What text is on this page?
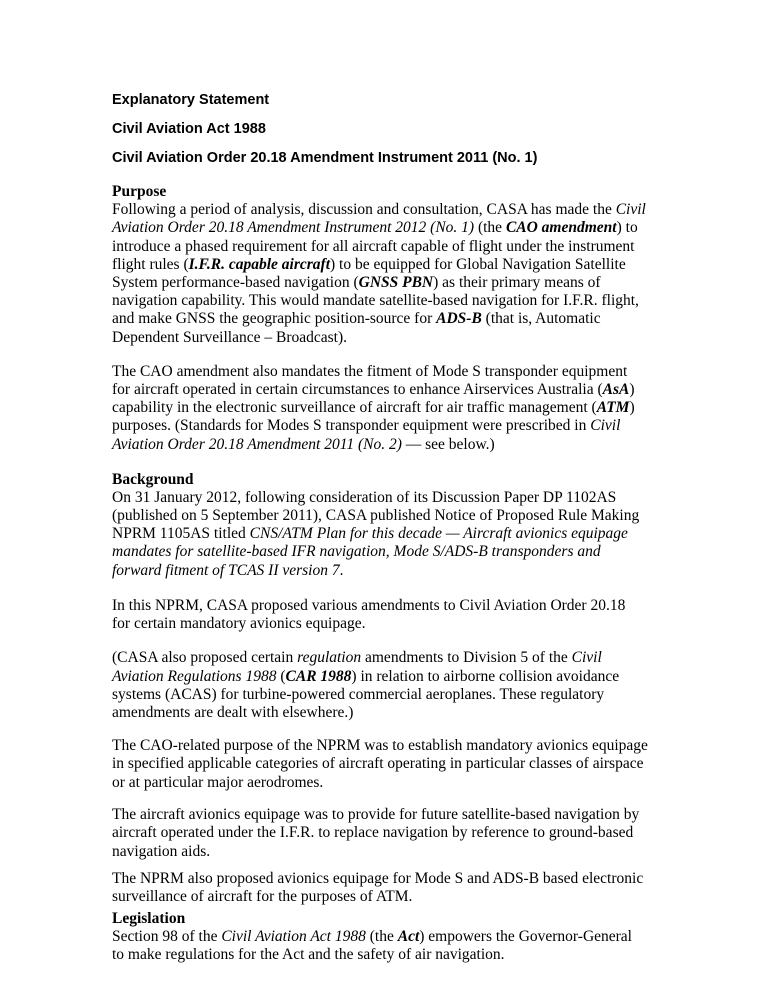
Explanatory Statement
Civil Aviation Act 1988
Civil Aviation Order 20.18 Amendment Instrument 2011 (No. 1)
Purpose
Following a period of analysis, discussion and consultation, CASA has made the Civil
Aviation Order 20.18 Amendment Instrument 2012 (No. 1) (the CAO amendment) to
introduce a phased requirement for all aircraft capable of flight under the instrument
flight rules (I.F.R. capable aircraft) to be equipped for Global Navigation Satellite
System performance-based navigation (GNSS PBN) as their primary means of
navigation capability. This would mandate satellite-based navigation for I.F.R. flight,
and make GNSS the geographic position-source for ADS-B (that is, Automatic
Dependent Surveillance – Broadcast).
The CAO amendment also mandates the fitment of Mode S transponder equipment
for aircraft operated in certain circumstances to enhance Airservices Australia (AsA)
capability in the electronic surveillance of aircraft for air traffic management (ATM)
purposes. (Standards for Modes S transponder equipment were prescribed in Civil
Aviation Order 20.18 Amendment 2011 (No. 2) — see below.)
Background
On 31 January 2012, following consideration of its Discussion Paper DP 1102AS
(published on 5 September 2011), CASA published Notice of Proposed Rule Making
NPRM 1105AS titled CNS/ATM Plan for this decade — Aircraft avionics equipage
mandates for satellite-based IFR navigation, Mode S/ADS-B transponders and
forward fitment of TCAS II version 7.
In this NPRM, CASA proposed various amendments to Civil Aviation Order 20.18
for certain mandatory avionics equipage.
(CASA also proposed certain regulation amendments to Division 5 of the Civil
Aviation Regulations 1988 (CAR 1988) in relation to airborne collision avoidance
systems (ACAS) for turbine-powered commercial aeroplanes. These regulatory
amendments are dealt with elsewhere.)
The CAO-related purpose of the NPRM was to establish mandatory avionics equipage
in specified applicable categories of aircraft operating in particular classes of airspace
or at particular major aerodromes.
The aircraft avionics equipage was to provide for future satellite-based navigation by
aircraft operated under the I.F.R. to replace navigation by reference to ground-based
navigation aids.
The NPRM also proposed avionics equipage for Mode S and ADS-B based electronic
surveillance of aircraft for the purposes of ATM.
Legislation
Section 98 of the Civil Aviation Act 1988 (the Act) empowers the Governor-General
to make regulations for the Act and the safety of air navigation.
